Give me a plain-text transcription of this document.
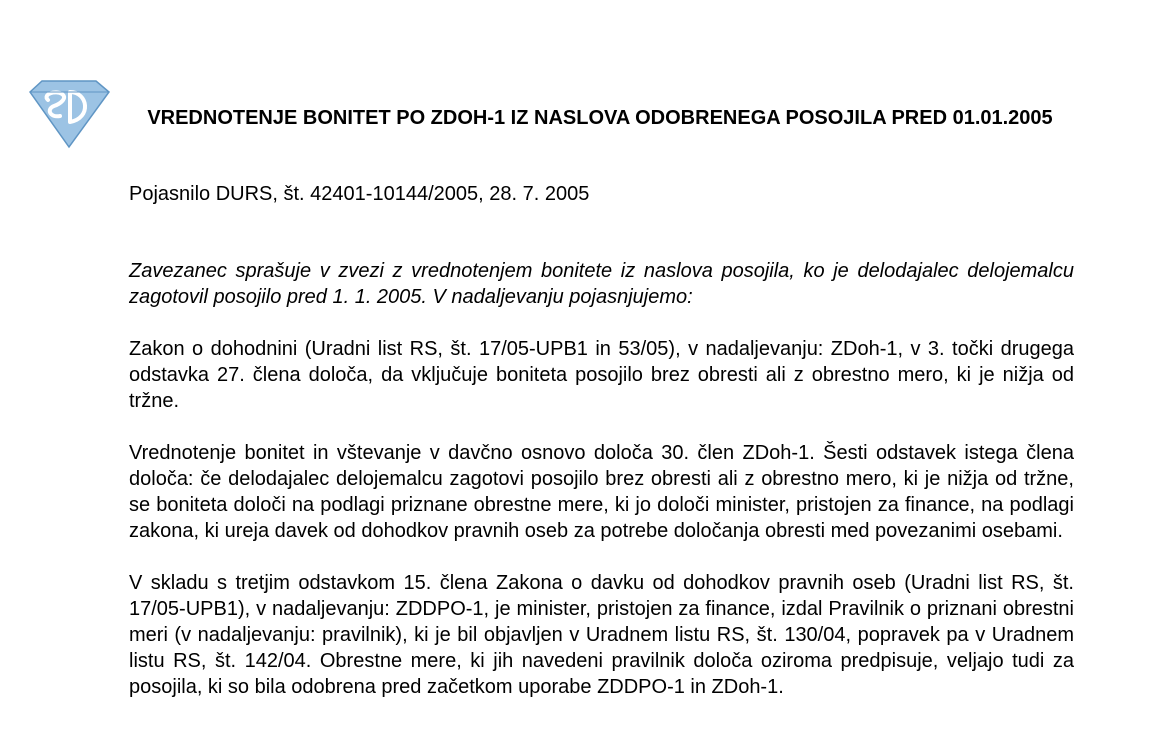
VREDNOTENJE BONITET PO ZDOH-1 IZ NASLOVA ODOBRENEGA POSOJILA PRED 01.01.2005
Pojasnilo DURS, št. 42401-10144/2005, 28. 7. 2005

Zavezanec sprašuje v zvezi z vrednotenjem bonitete iz naslova posojila, ko je delodajalec delojemalcu zagotovil posojilo pred 1. 1. 2005. V nadaljevanju pojasnjujemo:

Zakon o dohodnini (Uradni list RS, št. 17/05-UPB1 in 53/05), v nadaljevanju: ZDoh-1, v 3. točki drugega odstavka 27. člena določa, da vključuje boniteta posojilo brez obresti ali z obrestno mero, ki je nižja od tržne.

Vrednotenje bonitet in vštevanje v davčno osnovo določa 30. člen ZDoh-1. Šesti odstavek istega člena določa: če delodajalec delojemalcu zagotovi posojilo brez obresti ali z obrestno mero, ki je nižja od tržne, se boniteta določi na podlagi priznane obrestne mere, ki jo določi minister, pristojen za finance, na podlagi zakona, ki ureja davek od dohodkov pravnih oseb za potrebe določanja obresti med povezanimi osebami.

V skladu s tretjim odstavkom 15. člena Zakona o davku od dohodkov pravnih oseb (Uradni list RS, št. 17/05-UPB1), v nadaljevanju: ZDDPO-1, je minister, pristojen za finance, izdal Pravilnik o priznani obrestni meri (v nadaljevanju: pravilnik), ki je bil objavljen v Uradnem listu RS, št. 130/04, popravek pa v Uradnem listu RS, št. 142/04. Obrestne mere, ki jih navedeni pravilnik določa oziroma predpisuje, veljajo tudi za posojila, ki so bila odobrena pred začetkom uporabe ZDDPO-1 in ZDoh-1.
